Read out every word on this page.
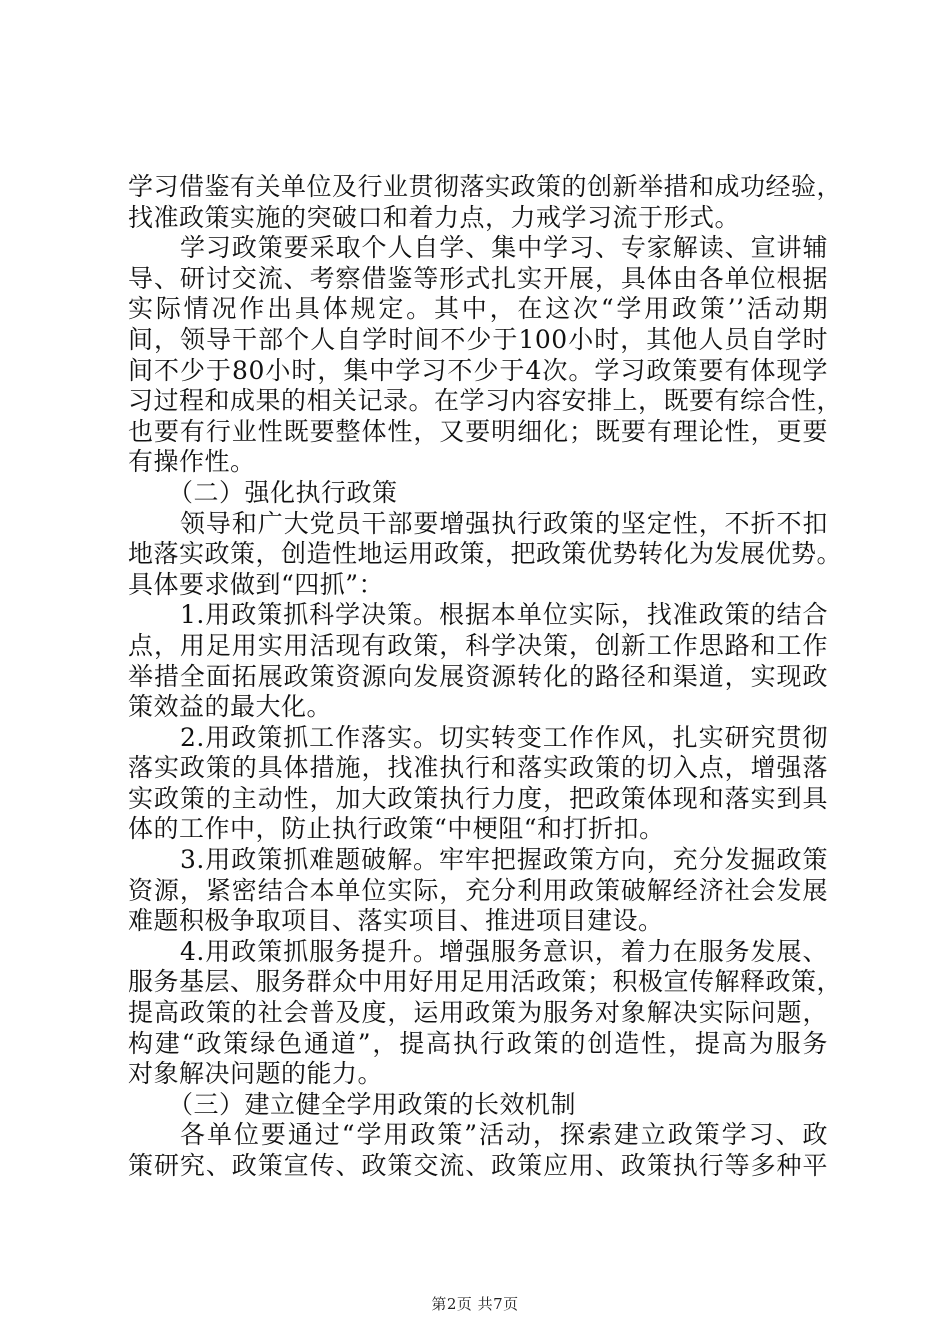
学习借鉴有关单位及行业贯彻落实政策的创新举措和成功经验，
找准政策实施的突破口和着力点，力戒学习流于形式。

学习政策要采取个人自学、集中学习、专家解读、宣讲辅
导、研讨交流、考察借鉴等形式扎实开展，具体由各单位根据
实际情况作出具体规定。其中，在这次“学用政策’’活动期
间，领导干部个人自学时间不少于100小时，其他人员自学时
间不少于80小时，集中学习不少于4次。学习政策要有体现学
习过程和成果的相关记录。在学习内容安排上，既要有综合性，
也要有行业性既要整体性，又要明细化；既要有理论性，更要
有操作性。

（二）强化执行政策

领导和广大党员干部要增强执行政策的坚定性，不折不扣
地落实政策，创造性地运用政策，把政策优势转化为发展优势。
具体要求做到“四抓”：

1.用政策抓科学决策。根据本单位实际，找准政策的结合
点，用足用实用活现有政策，科学决策，创新工作思路和工作
举措全面拓展政策资源向发展资源转化的路径和渠道，实现政
策效益的最大化。

2.用政策抓工作落实。切实转变工作作风，扎实研究贯彻
落实政策的具体措施，找准执行和落实政策的切入点，增强落
实政策的主动性，加大政策执行力度，把政策体现和落实到具
体的工作中，防止执行政策“中梗阻“和打折扣。

3.用政策抓难题破解。牢牢把握政策方向，充分发掘政策
资源，紧密结合本单位实际，充分利用政策破解经济社会发展
难题积极争取项目、落实项目、推进项目建设。

4.用政策抓服务提升。增强服务意识，着力在服务发展、
服务基层、服务群众中用好用足用活政策；积极宣传解释政策，
提高政策的社会普及度，运用政策为服务对象解决实际问题，
构建“政策绿色通道”，提高执行政策的创造性，提高为服务
对象解决问题的能力。

（三）建立健全学用政策的长效机制

各单位要通过“学用政策”活动，探索建立政策学习、政
策研究、政策宣传、政策交流、政策应用、政策执行等多种平

第2页 共7页
